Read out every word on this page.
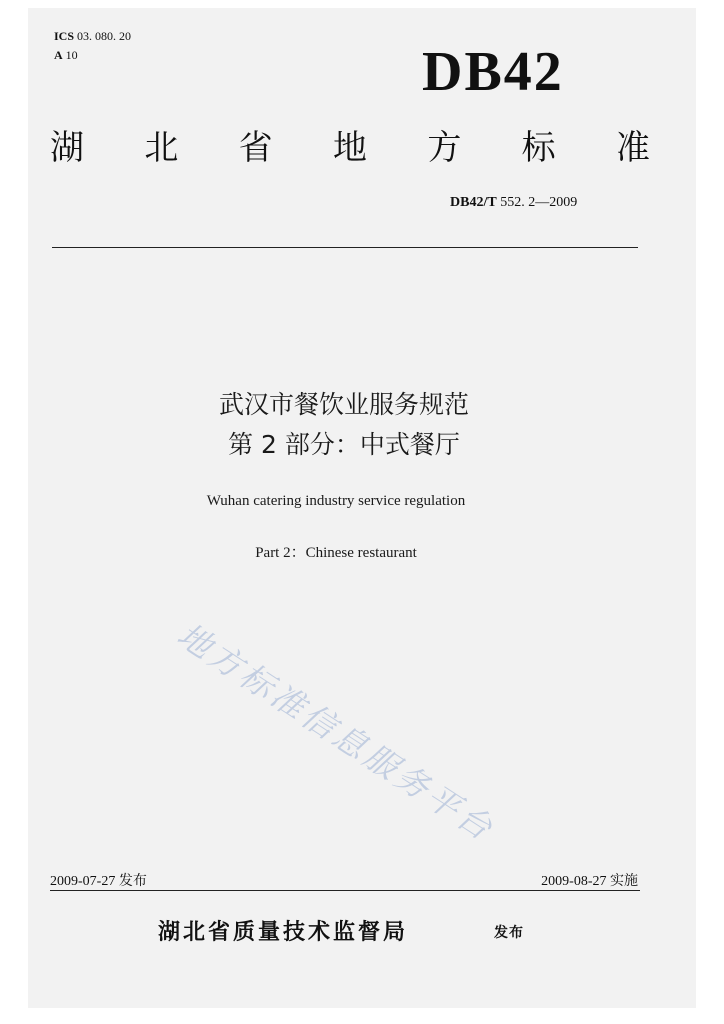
ICS 03. 080. 20
A 10	DB42
湖 北 省 地 方 标 准
DB42/T 552. 2—2009
武汉市餐饮业服务规范
第 2 部分：中式餐厅
Wuhan catering industry service regulation
Part 2：Chinese restaurant
地方标准信息服务平台
2009-07-27 发布	2009-08-27 实施
湖北省质量技术监督局	发布
